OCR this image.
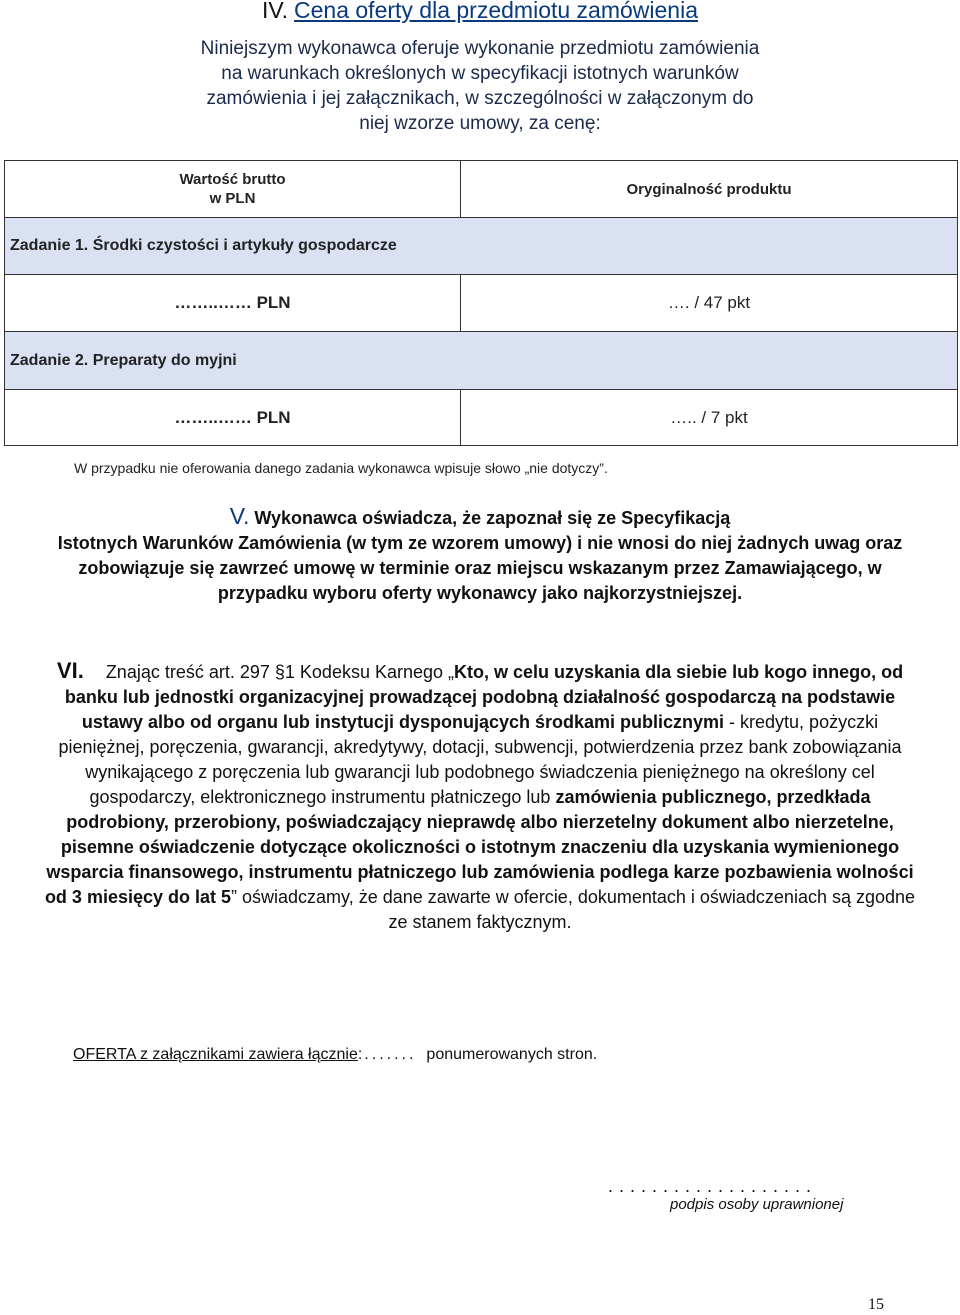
IV. Cena oferty dla przedmiotu zamówienia
Niniejszym wykonawca oferuje wykonanie przedmiotu zamówienia
na warunkach określonych w specyfikacji istotnych warunków
zamówienia i jej załącznikach, w szczególności w załączonym do
niej wzorze umowy, za cenę:
Wartość brutto
w PLN
Oryginalność produktu
Zadanie 1. Środki czystości i artykuły gospodarcze
……..…… PLN	…. / 47 pkt
Zadanie 2. Preparaty do myjni
……..…… PLN	….. / 7 pkt
W przypadku nie oferowania danego zadania wykonawca wpisuje słowo „nie dotyczy”.
V. Wykonawca oświadcza, że zapoznał się ze Specyfikacją
Istotnych Warunków Zamówienia (w tym ze wzorem umowy) i nie wnosi do niej żadnych uwag oraz zobowiązuje się zawrzeć umowę w terminie oraz miejscu wskazanym przez Zamawiającego, w przypadku wyboru oferty wykonawcy jako najkorzystniejszej.
VI. Znając treść art. 297 §1 Kodeksu Karnego „Kto, w celu uzyskania dla siebie lub kogo innego, od banku lub jednostki organizacyjnej prowadzącej podobną działalność gospodarczą na podstawie ustawy albo od organu lub instytucji dysponujących środkami publicznymi - kredytu, pożyczki pieniężnej, poręczenia, gwarancji, akredytywy, dotacji, subwencji, potwierdzenia przez bank zobowiązania wynikającego z poręczenia lub gwarancji lub podobnego świadczenia pieniężnego na określony cel gospodarczy, elektronicznego instrumentu płatniczego lub zamówienia publicznego, przedkłada podrobiony, przerobiony, poświadczający nieprawdę albo nierzetelny dokument albo nierzetelne, pisemne oświadczenie dotyczące okoliczności o istotnym znaczeniu dla uzyskania wymienionego wsparcia finansowego, instrumentu płatniczego lub zamówienia podlega karze pozbawienia wolności od 3 miesięcy do lat 5” oświadczamy, że dane zawarte w ofercie, dokumentach i oświadczeniach są zgodne ze stanem faktycznym.
OFERTA z załącznikami zawiera łącznie: ....... ponumerowanych stron.
...................
podpis osoby uprawnionej
15
